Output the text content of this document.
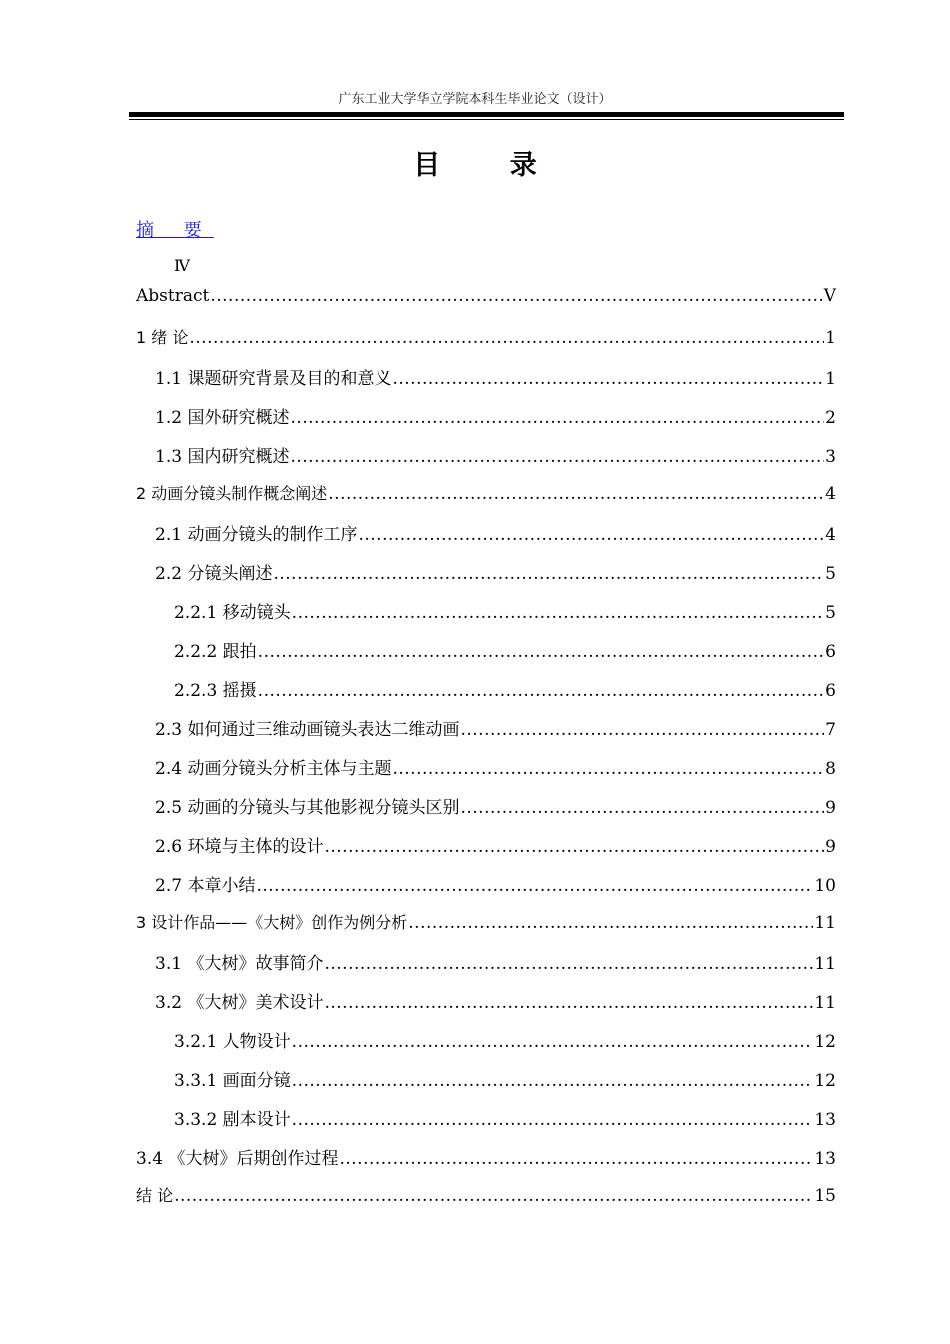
广东工业大学华立学院本科生毕业论文（设计）
目 录
摘 要
Ⅳ
Abstract .....	Ⅴ
1 绪 论 .....	1
1.1 课题研究背景及目的和意义 .....	1
1.2 国外研究概述 .....	2
1.3 国内研究概述 .....	3
2 动画分镜头制作概念阐述 .....	4
2.1 动画分镜头的制作工序 .....	4
2.2 分镜头阐述 .....	5
2.2.1 移动镜头 .....	5
2.2.2 跟拍 .....	6
2.2.3 摇摄 .....	6
2.3 如何通过三维动画镜头表达二维动画 .....	7
2.4 动画分镜头分析主体与主题 .....	8
2.5 动画的分镜头与其他影视分镜头区别 .....	9
2.6 环境与主体的设计 .....	9
2.7 本章小结 .....	10
3 设计作品——《大树》创作为例分析 .....	11
3.1 《大树》故事简介 .....	11
3.2 《大树》美术设计 .....	11
3.2.1 人物设计 .....	12
3.3.1 画面分镜 .....	12
3.3.2 剧本设计 .....	13
3.4 《大树》后期创作过程 .....	13
结 论 .....	15
